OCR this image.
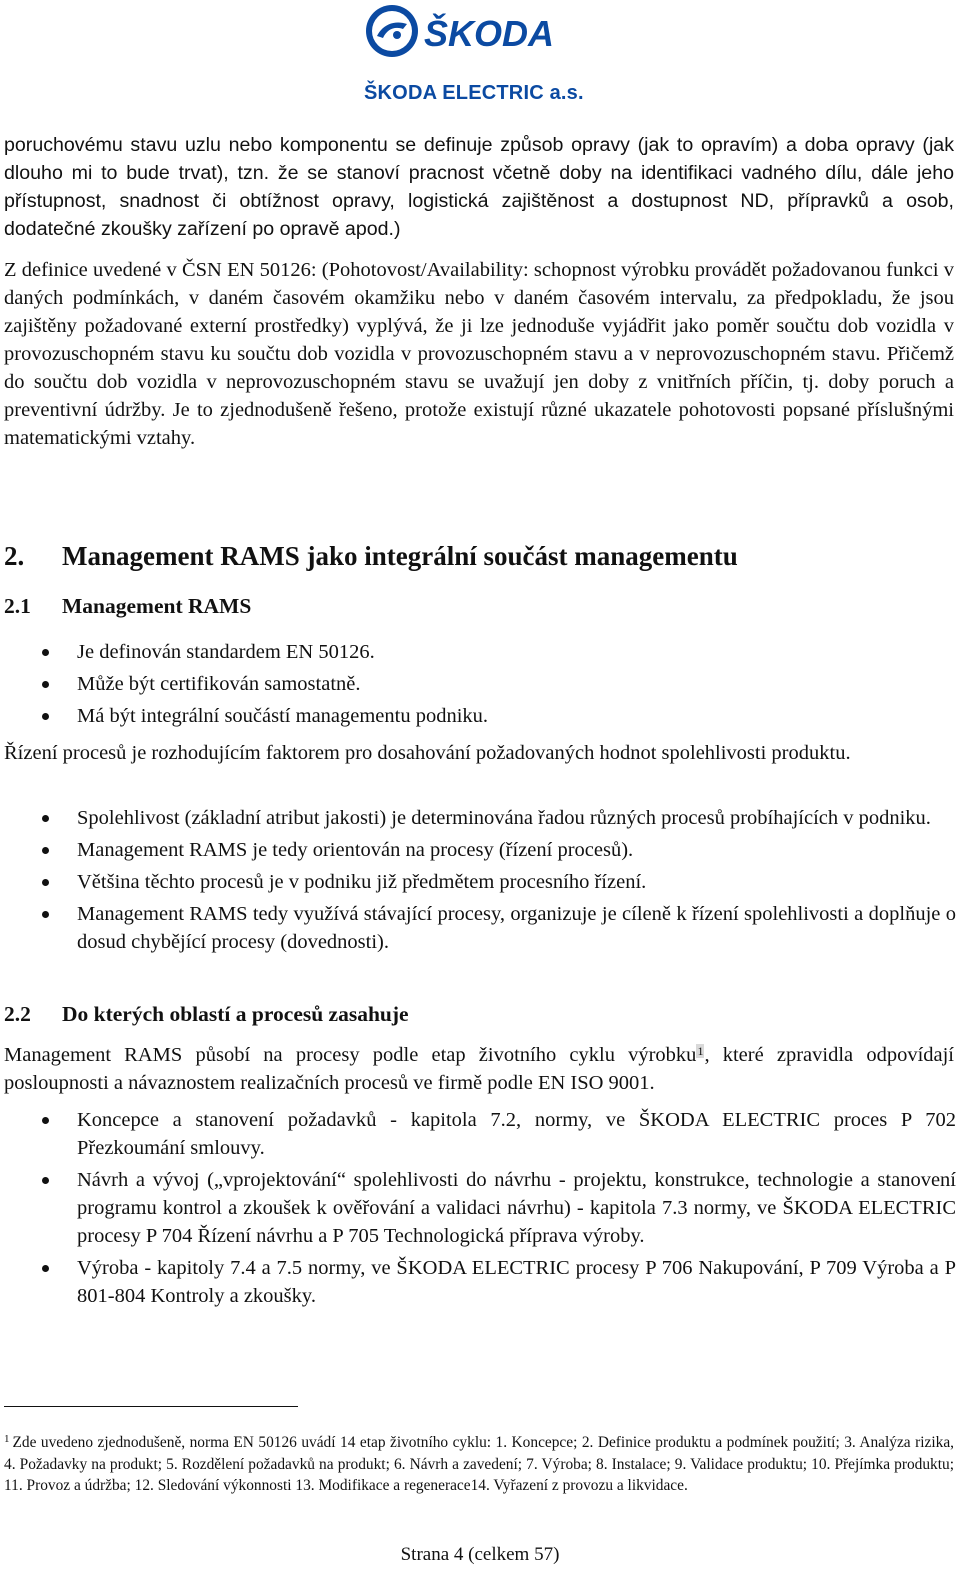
ŠKODA
ŠKODA ELECTRIC a.s.

poruchovému stavu uzlu nebo komponentu se definuje způsob opravy (jak to opravím) a doba opravy (jak dlouho mi to bude trvat), tzn. že se stanoví pracnost včetně doby na identifikaci vadného dílu, dále jeho přístupnost, snadnost či obtížnost opravy, logistická zajištěnost a dostupnost ND, přípravků a osob, dodatečné zkoušky zařízení po opravě apod.)

Z definice uvedené v ČSN EN 50126: (Pohotovost/Availability: schopnost výrobku provádět požadovanou funkci v daných podmínkách, v daném časovém okamžiku nebo v daném časovém intervalu, za předpokladu, že jsou zajištěny požadované externí prostředky) vyplývá, že ji lze jednoduše vyjádřit jako poměr součtu dob vozidla v provozuschopném stavu ku součtu dob vozidla v provozuschopném stavu a v neprovozuschopném stavu. Přičemž do součtu dob vozidla v neprovozuschopném stavu se uvažují jen doby z vnitřních příčin, tj. doby poruch a preventivní údržby. Je to zjednodušeně řešeno, protože existují různé ukazatele pohotovosti popsané příslušnými matematickými vztahy.

2. Management RAMS jako integrální součást managementu
2.1 Management RAMS
Je definován standardem EN 50126.
Může být certifikován samostatně.
Má být integrální součástí managementu podniku.

Řízení procesů je rozhodujícím faktorem pro dosahování požadovaných hodnot spolehlivosti produktu.

Spolehlivost (základní atribut jakosti) je determinována řadou různých procesů probíhajících v podniku.
Management RAMS je tedy orientován na procesy (řízení procesů).
Většina těchto procesů je v podniku již předmětem procesního řízení.
Management RAMS tedy využívá stávající procesy, organizuje je cíleně k řízení spolehlivosti a doplňuje o dosud chybějící procesy (dovednosti).
2.2 Do kterých oblastí a procesů zasahuje

Management RAMS působí na procesy podle etap životního cyklu výrobku$^1$, které zpravidla odpovídají posloupnosti a návaznostem realizačních procesů ve firmě podle EN ISO 9001.

Koncepce a stanovení požadavků - kapitola 7.2, normy, ve ŠKODA ELECTRIC proces P 702 Přezkoumání smlouvy.
Návrh a vývoj („vprojektování“ spolehlivosti do návrhu - projektu, konstrukce, technologie a stanovení programu kontrol a zkoušek k ověřování a validaci návrhu) - kapitola 7.3 normy, ve ŠKODA ELECTRIC procesy P 704 Řízení návrhu a P 705 Technologická příprava výroby.
Výroba - kapitoly 7.4 a 7.5 normy, ve ŠKODA ELECTRIC procesy P 706 Nakupování, P 709 Výroba a P 801-804 Kontroly a zkoušky.

$^1$ Zde uvedeno zjednodušeně, norma EN 50126 uvádí 14 etap životního cyklu: 1. Koncepce; 2. Definice produktu a podmínek použití; 3. Analýza rizika, 4. Požadavky na produkt; 5. Rozdělení požadavků na produkt; 6. Návrh a zavedení; 7. Výroba; 8. Instalace; 9. Validace produktu; 10. Přejímka produktu; 11. Provoz a údržba; 12. Sledování výkonnosti 13. Modifikace a regenerace14. Vyřazení z provozu a likvidace.

Strana 4 (celkem 57)
